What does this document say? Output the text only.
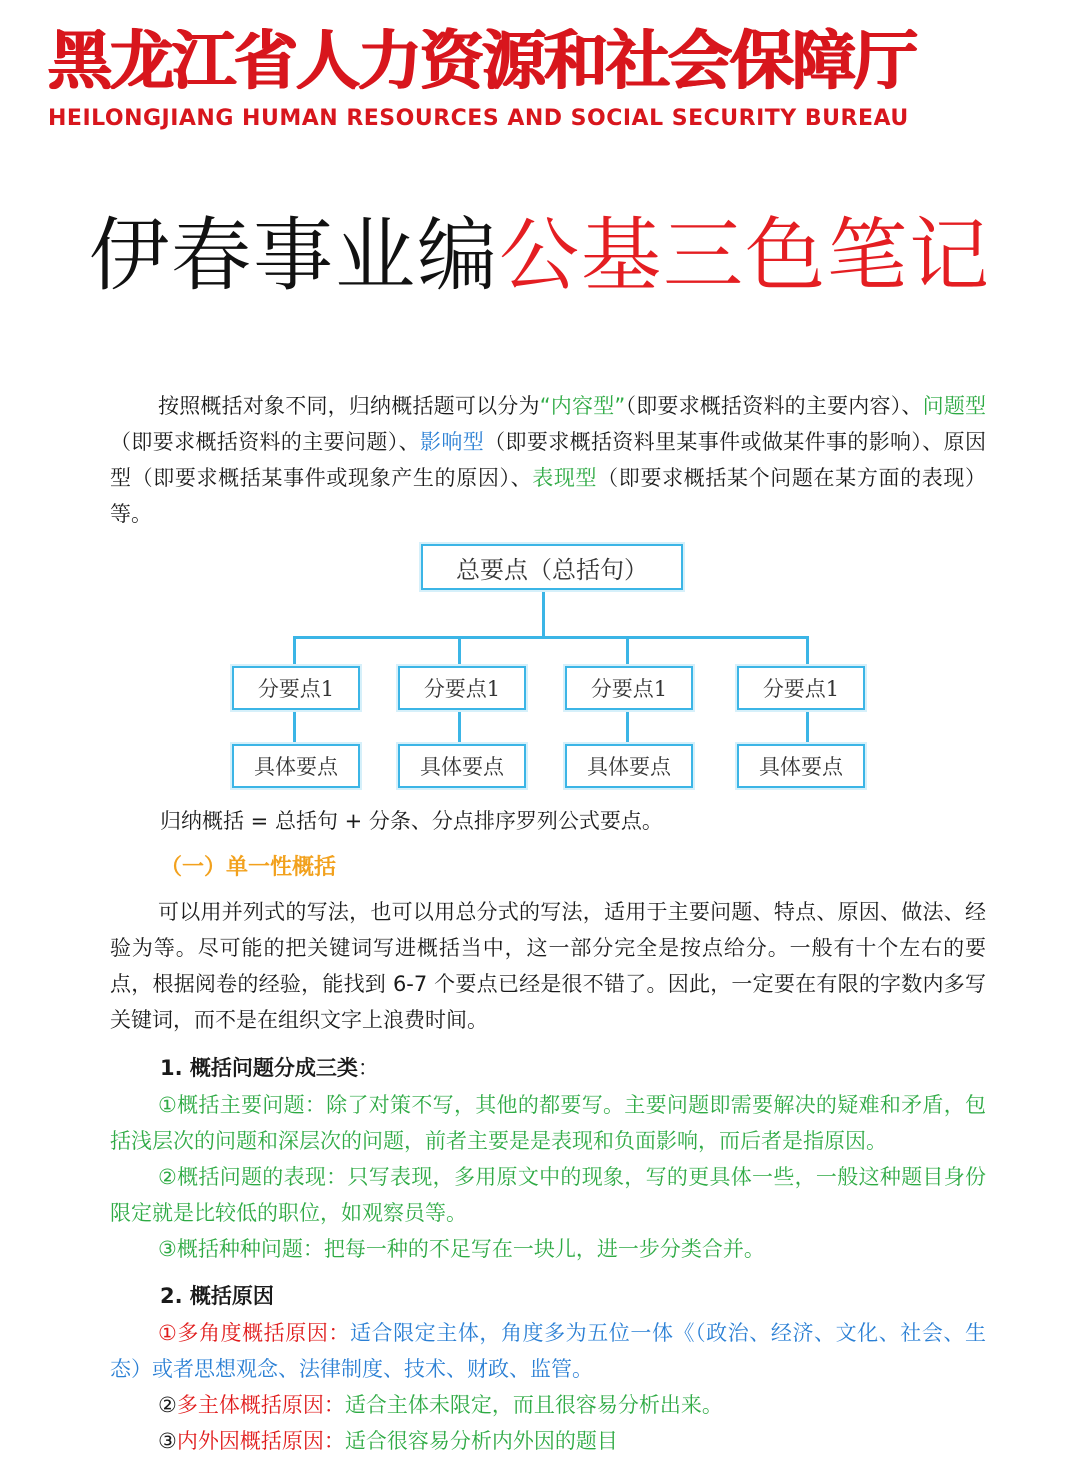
黑龙江省人力资源和社会保障厅
HEILONGJIANG HUMAN RESOURCES AND SOCIAL SECURITY BUREAU
伊春事业编公基三色笔记

按照概括对象不同，归纳概括题可以分为“内容型”（即要求概括资料的主要内容）、问题型（即要求概括资料的主要问题）、影响型（即要求概括资料里某事件或做某件事的影响）、原因型（即要求概括某事件或现象产生的原因）、表现型（即要求概括某个问题在某方面的表现）等。

总要点（总括句）
分要点1	分要点1	分要点1	分要点1
具体要点	具体要点	具体要点	具体要点

归纳概括 = 总括句 + 分条、分点排序罗列公式要点。

（一）单一性概括

可以用并列式的写法，也可以用总分式的写法，适用于主要问题、特点、原因、做法、经验为等。尽可能的把关键词写进概括当中，这一部分完全是按点给分。一般有十个左右的要点，根据阅卷的经验，能找到 6-7 个要点已经是很不错了。因此，一定要在有限的字数内多写关键词，而不是在组织文字上浪费时间。

1. 概括问题分成三类：

①概括主要问题：除了对策不写，其他的都要写。主要问题即需要解决的疑难和矛盾，包括浅层次的问题和深层次的问题，前者主要是是表现和负面影响，而后者是指原因。

②概括问题的表现：只写表现，多用原文中的现象，写的更具体一些，一般这种题目身份限定就是比较低的职位，如观察员等。

③概括种种问题：把每一种的不足写在一块儿，进一步分类合并。

2. 概括原因

①多角度概括原因：适合限定主体，角度多为五位一体《（政治、经济、文化、社会、生态）或者思想观念、法律制度、技术、财政、监管。

②多主体概括原因：适合主体未限定，而且很容易分析出来。

③内外因概括原因：适合很容易分析内外因的题目
